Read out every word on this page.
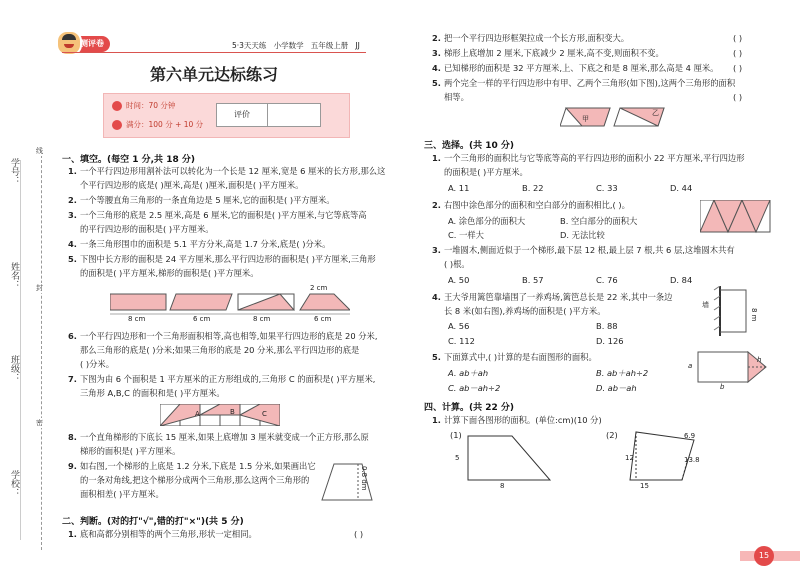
学号：
姓名：
班级：
学校：
线
封
密
测评卷	5·3天天练 小学数学 五年级上册 JJ
第六单元达标练习
时间：70 分钟
满分：100 分 + 10 分
评价
一、填空。(每空 1 分,共 18 分)
1. 一个平行四边形用割补法可以转化为一个长是 12 厘米,宽是 6 厘米的长方形,那么这
个平行四边形的底是( )厘米,高是( )厘米,面积是( )平方厘米。
2. 一个等腰直角三角形的一条直角边是 5 厘米,它的面积是( )平方厘米。
3. 一个三角形的底是 2.5 厘米,高是 6 厘米,它的面积是( )平方厘米,与它等底等高
的平行四边形的面积是( )平方厘米。
4. 一条三角形围巾的面积是 5.1 平方分米,高是 1.7 分米,底是( )分米。
5. 下图中长方形的面积是 24 平方厘米,那么平行四边形的面积是( )平方厘米,三角形
的面积是( )平方厘米,梯形的面积是( )平方厘米。
2 cm
8 cm	6 cm	8 cm	6 cm
6. 一个平行四边形和一个三角形面积相等,高也相等,如果平行四边形的底是 20 分米,
那么三角形的底是( )分米;如果三角形的底是 20 分米,那么平行四边形的底是
( )分米。
7. 下图为由 6 个面积是 1 平方厘米的正方形组成的,三角形 C 的面积是( )平方厘米,
三角形 A,B,C 的面积和是( )平方厘米。
A	B	C
8. 一个直角梯形的下底长 15 厘米,如果上底增加 3 厘米就变成一个正方形,那么原
梯形的面积是( )平方厘米。
9. 如右图,一个梯形的上底是 1.2 分米,下底是 1.5 分米,如果画出它
的一条对角线,把这个梯形分成两个三角形,那么这两个三角形的
面积相差( )平方厘米。
0.8 dm
二、判断。(对的打"√",错的打"×")(共 5 分)
1. 底和高都分别相等的两个三角形,形状一定相同。	( )
2. 把一个平行四边形框架拉成一个长方形,面积变大。	( )
3. 梯形上底增加 2 厘米,下底减少 2 厘米,高不变,则面积不变。	( )
4. 已知梯形的面积是 32 平方厘米,上、下底之和是 8 厘米,那么高是 4 厘米。 ( )
5. 两个完全一样的平行四边形中有甲、乙两个三角形(如下图),这两个三角形的面积
相等。	( )
甲
乙
三、选择。(共 10 分)
1. 一个三角形的面积比与它等底等高的平行四边形的面积小 22 平方厘米,平行四边形
的面积是( )平方厘米。
A. 11	B. 22	C. 33	D. 44
2. 右图中涂色部分的面积和空白部分的面积相比,( )。
A. 涂色部分的面积大	B. 空白部分的面积大
C. 一样大	D. 无法比较
3. 一堆圆木,侧面近似于一个梯形,最下层 12 根,最上层 7 根,共 6 层,这堆圆木共有
( )根。
A. 50	B. 57	C. 76	D. 84
4. 王大爷用篱笆靠墙围了一养鸡场,篱笆总长是 22 米,其中一条边
长 8 米(如右图),养鸡场的面积是( )平方米。
A. 56	B. 88
C. 112	D. 126
墙
8 m
5. 下面算式中,( )计算的是右面图形的面积。
A. ab＋ah	B. ab＋ah÷2
C. ab－ah÷2	D. ab－ah
a
h
b
四、计算。(共 22 分)
1. 计算下面各图形的面积。(单位:cm)(10 分)
(1)
5
8
(2)
12
6.9
13.8
15
15
